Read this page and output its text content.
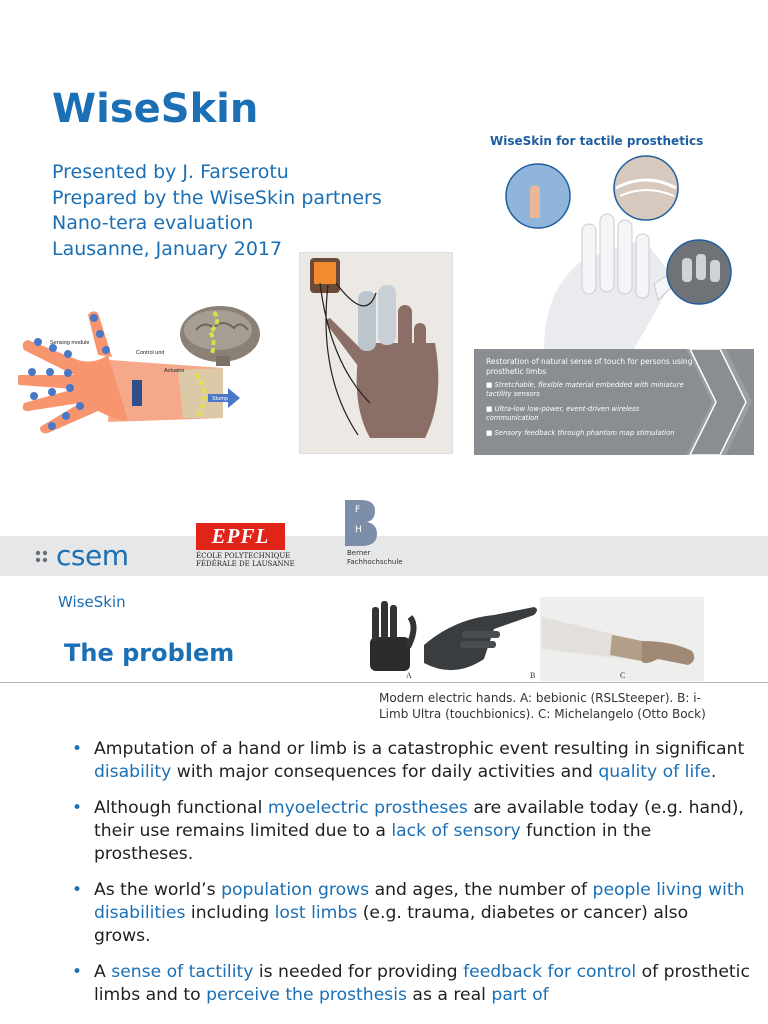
WiseSkin
Presented by J. Farserotu
Prepared by the WiseSkin partners
Nano-tera evaluation
Lausanne, January 2017
Sensing module
Control unit
Actuator
Stump
WiseSkin for tactile prosthetics
Restoration of natural sense of touch for persons using prosthetic limbs
■ Stretchable, flexible material embedded with miniature tactility sensors
■ Ultra-low low-power, event-driven wireless communication
■ Sensory feedback through phantom map stimulation
csem
EPFL
ÉCOLE POLYTECHNIQUE
FÉDÉRALE DE LAUSANNE
F
H
Berner
Fachhochschule
WiseSkin
The problem
A	B	C
Modern electric hands. A: bebionic (RSLSteeper). B: i-Limb Ultra (touchbionics). C: Michelangelo (Otto Bock)
• Amputation of a hand or limb is a catastrophic event resulting in significant disability with major consequences for daily activities and quality of life.
• Although functional myoelectric prostheses are available today (e.g. hand), their use remains limited due to a lack of sensory function in the prostheses.
• As the world’s population grows and ages, the number of people living with disabilities including lost limbs (e.g. trauma, diabetes or cancer) also grows.
• A sense of tactility is needed for providing feedback for control of prosthetic limbs and to perceive the prosthesis as a real part of
